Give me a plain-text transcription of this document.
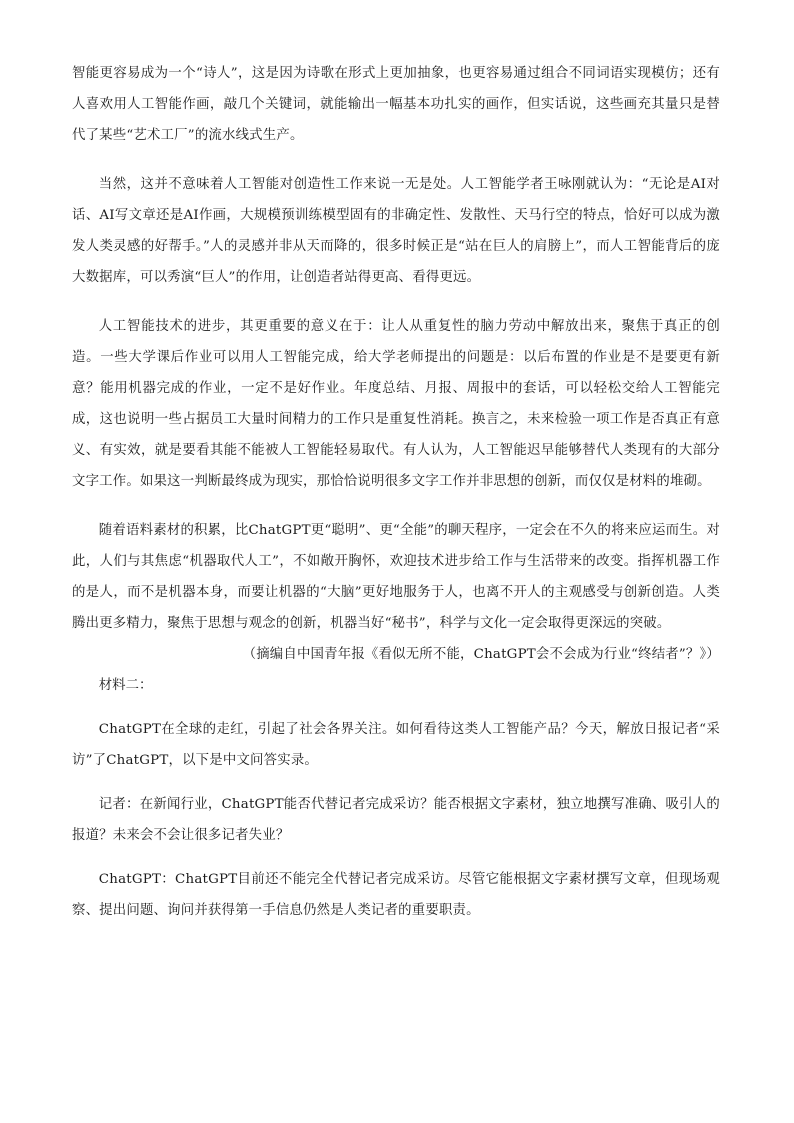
智能更容易成为一个“诗人”，这是因为诗歌在形式上更加抽象，也更容易通过组合不同词语实现模仿；还有人喜欢用人工智能作画，敲几个关键词，就能输出一幅基本功扎实的画作，但实话说，这些画充其量只是替代了某些“艺术工厂”的流水线式生产。

当然，这并不意味着人工智能对创造性工作来说一无是处。人工智能学者王咏刚就认为：“无论是AI对话、AI写文章还是AI作画，大规模预训练模型固有的非确定性、发散性、天马行空的特点，恰好可以成为激发人类灵感的好帮手。”人的灵感并非从天而降的，很多时候正是“站在巨人的肩膀上”，而人工智能背后的庞大数据库，可以秀演“巨人”的作用，让创造者站得更高、看得更远。

人工智能技术的进步，其更重要的意义在于：让人从重复性的脑力劳动中解放出来，聚焦于真正的创造。一些大学课后作业可以用人工智能完成，给大学老师提出的问题是：以后布置的作业是不是要更有新意？能用机器完成的作业，一定不是好作业。年度总结、月报、周报中的套话，可以轻松交给人工智能完成，这也说明一些占据员工大量时间精力的工作只是重复性消耗。换言之，未来检验一项工作是否真正有意义、有实效，就是要看其能不能被人工智能轻易取代。有人认为，人工智能迟早能够替代人类现有的大部分文字工作。如果这一判断最终成为现实，那恰恰说明很多文字工作并非思想的创新，而仅仅是材料的堆砌。

随着语料素材的积累，比ChatGPT更“聪明”、更“全能”的聊天程序，一定会在不久的将来应运而生。对此，人们与其焦虑“机器取代人工”，不如敞开胸怀，欢迎技术进步给工作与生活带来的改变。指挥机器工作的是人，而不是机器本身，而要让机器的“大脑”更好地服务于人，也离不开人的主观感受与创新创造。人类腾出更多精力，聚焦于思想与观念的创新，机器当好“秘书”，科学与文化一定会取得更深远的突破。

（摘编自中国青年报《看似无所不能，ChatGPT会不会成为行业“终结者”？》）

材料二：

ChatGPT在全球的走红，引起了社会各界关注。如何看待这类人工智能产品？今天，解放日报记者“采访”了ChatGPT，以下是中文问答实录。

记者：在新闻行业，ChatGPT能否代替记者完成采访？能否根据文字素材，独立地撰写准确、吸引人的报道？未来会不会让很多记者失业？

ChatGPT：ChatGPT目前还不能完全代替记者完成采访。尽管它能根据文字素材撰写文章，但现场观察、提出问题、询问并获得第一手信息仍然是人类记者的重要职责。
